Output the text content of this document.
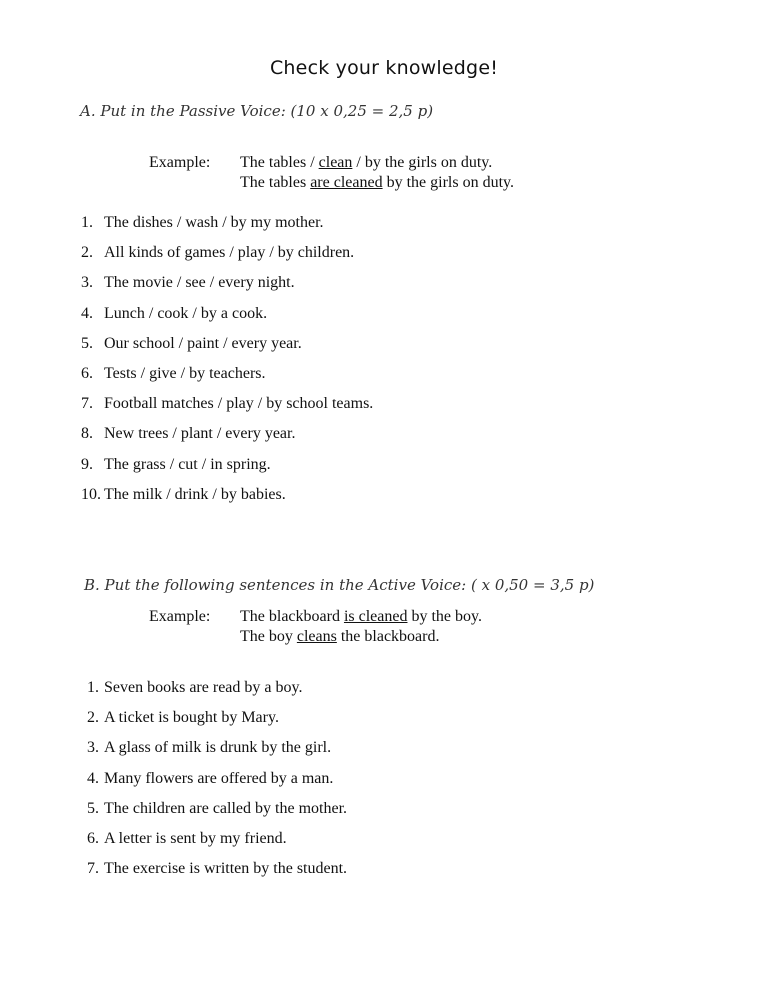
Check your knowledge!
A. Put in the Passive Voice: (10 x 0,25 = 2,5 p)
Example: The tables / clean / by the girls on duty.
The tables are cleaned by the girls on duty.
1. The dishes / wash / by my mother.
2. All kinds of games / play / by children.
3. The movie / see / every night.
4. Lunch / cook / by a cook.
5. Our school / paint / every year.
6. Tests / give / by teachers.
7. Football matches / play / by school teams.
8. New trees / plant / every year.
9. The grass / cut / in spring.
10. The milk / drink / by babies.
B. Put the following sentences in the Active Voice: ( x 0,50 = 3,5 p)
Example: The blackboard is cleaned by the boy.
The boy cleans the blackboard.
1. Seven books are read by a boy.
2. A ticket is bought by Mary.
3. A glass of milk is drunk by the girl.
4. Many flowers are offered by a man.
5. The children are called by the mother.
6. A letter is sent by my friend.
7. The exercise is written by the student.
